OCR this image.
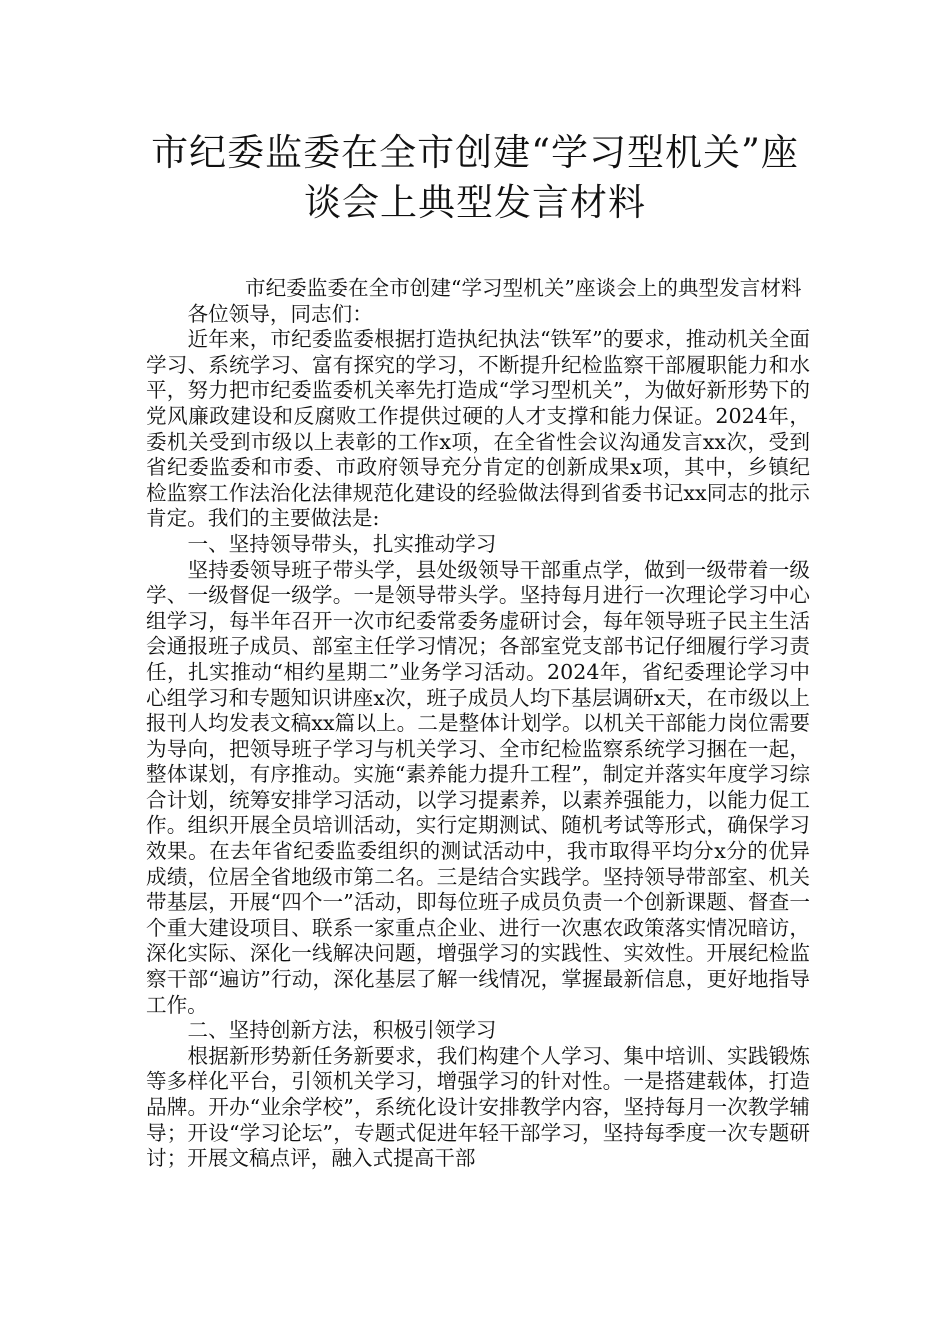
市纪委监委在全市创建“学习型机关”座
谈会上典型发言材料

市纪委监委在全市创建“学习型机关”座谈会上的典型发言材料

各位领导，同志们：

近年来，市纪委监委根据打造执纪执法“铁军”的要求，推动机关全面学习、系统学习、富有探究的学习，不断提升纪检监察干部履职能力和水平，努力把市纪委监委机关率先打造成“学习型机关”，为做好新形势下的党风廉政建设和反腐败工作提供过硬的人才支撑和能力保证。2024年，委机关受到市级以上表彰的工作x项，在全省性会议沟通发言xx次，受到省纪委监委和市委、市政府领导充分肯定的创新成果x项，其中，乡镇纪检监察工作法治化法律规范化建设的经验做法得到省委书记xx同志的批示肯定。我们的主要做法是:

一、坚持领导带头，扎实推动学习

坚持委领导班子带头学，县处级领导干部重点学，做到一级带着一级学、一级督促一级学。一是领导带头学。坚持每月进行一次理论学习中心组学习，每半年召开一次市纪委常委务虚研讨会，每年领导班子民主生活会通报班子成员、部室主任学习情况；各部室党支部书记仔细履行学习责任，扎实推动“相约星期二”业务学习活动。2024年，省纪委理论学习中心组学习和专题知识讲座x次，班子成员人均下基层调研x天，在市级以上报刊人均发表文稿xx篇以上。二是整体计划学。以机关干部能力岗位需要为导向，把领导班子学习与机关学习、全市纪检监察系统学习捆在一起，整体谋划，有序推动。实施“素养能力提升工程”，制定并落实年度学习综合计划，统筹安排学习活动，以学习提素养，以素养强能力，以能力促工作。组织开展全员培训活动，实行定期测试、随机考试等形式，确保学习效果。在去年省纪委监委组织的测试活动中，我市取得平均分x分的优异成绩，位居全省地级市第二名。三是结合实践学。坚持领导带部室、机关带基层，开展“四个一”活动，即每位班子成员负责一个创新课题、督查一个重大建设项目、联系一家重点企业、进行一次惠农政策落实情况暗访，深化实际、深化一线解决问题，增强学习的实践性、实效性。开展纪检监察干部“遍访”行动，深化基层了解一线情况，掌握最新信息，更好地指导工作。

二、坚持创新方法，积极引领学习

根据新形势新任务新要求，我们构建个人学习、集中培训、实践锻炼等多样化平台，引领机关学习，增强学习的针对性。一是搭建载体，打造品牌。开办“业余学校”，系统化设计安排教学内容，坚持每月一次教学辅导；开设“学习论坛”，专题式促进年轻干部学习，坚持每季度一次专题研讨；开展文稿点评，融入式提高干部
